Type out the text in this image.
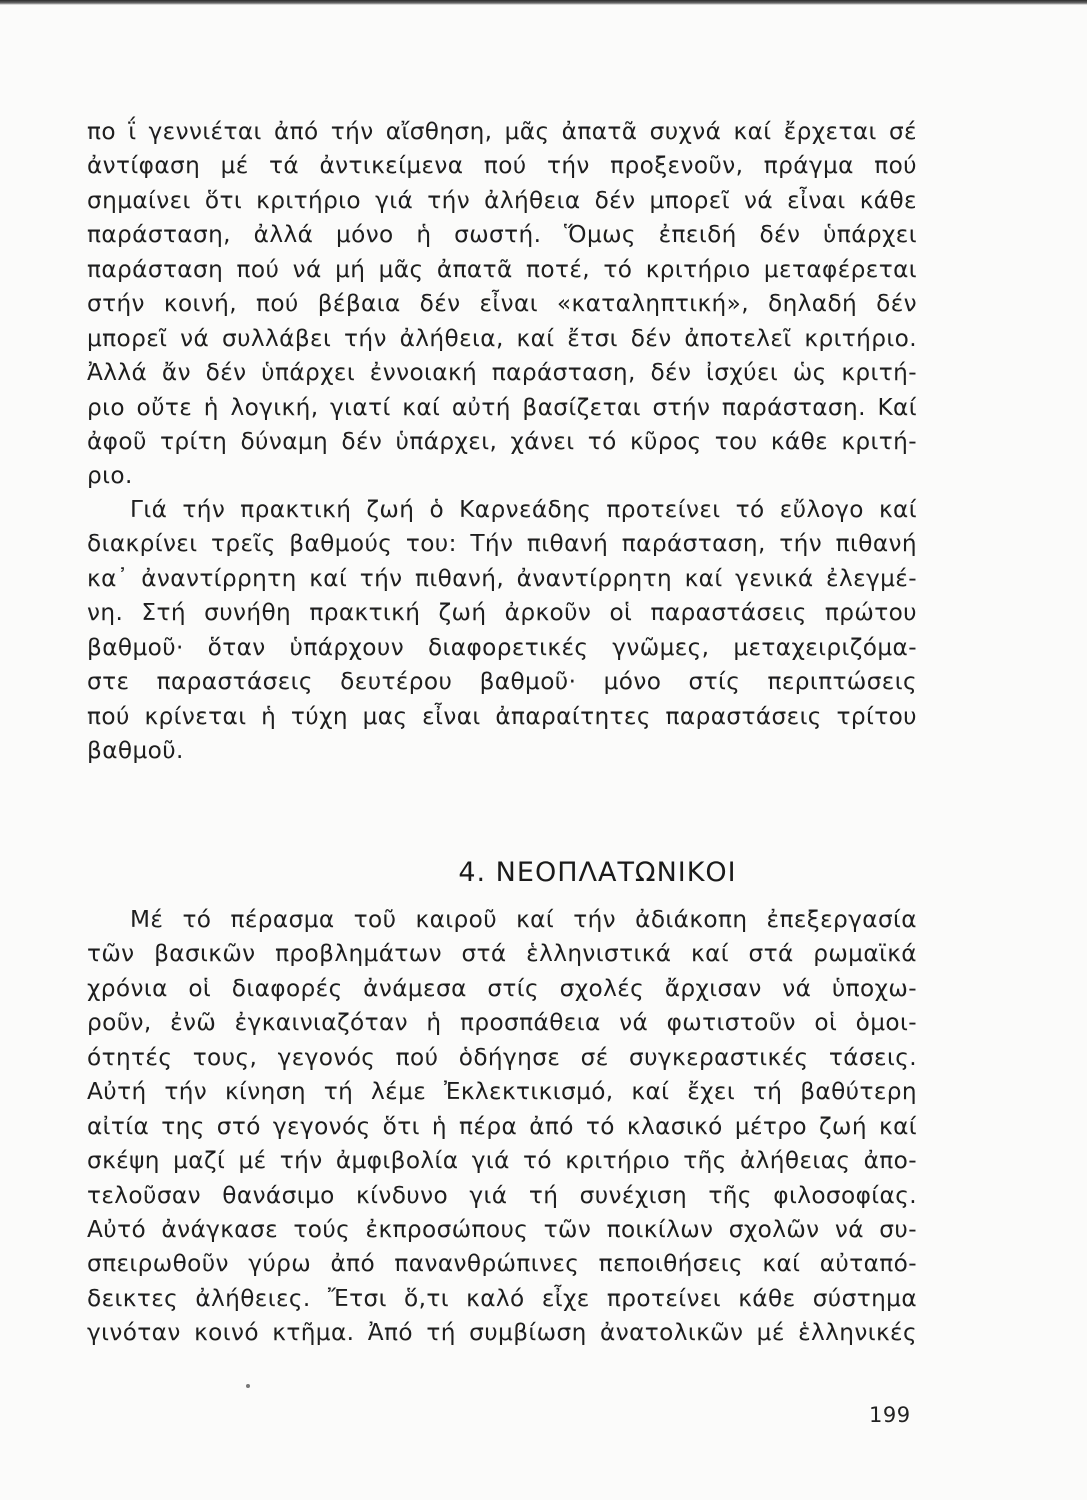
πο ΐ γεννιέται ἀπό τήν αἴσθηση, μᾶς ἀπατᾶ συχνά καί ἔρχεται σέ
ἀντίφαση μέ τά ἀντικείμενα πού τήν προξενοῦν, πράγμα πού
σημαίνει ὅτι κριτήριο γιά τήν ἀλήθεια δέν μπορεῖ νά εἶναι κάθε
παράσταση, ἀλλά μόνο ἡ σωστή. Ὅμως ἐπειδή δέν ὑπάρχει
παράσταση πού νά μή μᾶς ἀπατᾶ ποτέ, τό κριτήριο μεταφέρεται
στήν κοινή, πού βέβαια δέν εἶναι «καταληπτική», δηλαδή δέν
μπορεῖ νά συλλάβει τήν ἀλήθεια, καί ἔτσι δέν ἀποτελεῖ κριτήριο.
Ἀλλά ἄν δέν ὑπάρχει ἐννοιακή παράσταση, δέν ἰσχύει ὡς κριτή-
ριο οὔτε ἡ λογική, γιατί καί αὐτή βασίζεται στήν παράσταση. Καί
ἀφοῦ τρίτη δύναμη δέν ὑπάρχει, χάνει τό κῦρος του κάθε κριτή-
ριο.
Γιά τήν πρακτική ζωή ὁ Καρνεάδης προτείνει τό εὔλογο καί
διακρίνει τρεῖς βαθμούς του: Τήν πιθανή παράσταση, τήν πιθανή
κα᾽ ἀναντίρρητη καί τήν πιθανή, ἀναντίρρητη καί γενικά ἐλεγμέ-
νη. Στή συνήθη πρακτική ζωή ἀρκοῦν οἱ παραστάσεις πρώτου
βαθμοῦ· ὅταν ὑπάρχουν διαφορετικές γνῶμες, μεταχειριζόμα-
στε παραστάσεις δευτέρου βαθμοῦ· μόνο στίς περιπτώσεις
πού κρίνεται ἡ τύχη μας εἶναι ἀπαραίτητες παραστάσεις τρίτου
βαθμοῦ.
4. ΝΕΟΠΛΑΤΩΝΙΚΟΙ
Μέ τό πέρασμα τοῦ καιροῦ καί τήν ἀδιάκοπη ἐπεξεργασία
τῶν βασικῶν προβλημάτων στά ἑλληνιστικά καί στά ρωμαϊκά
χρόνια οἱ διαφορές ἀνάμεσα στίς σχολές ἄρχισαν νά ὑποχω-
ροῦν, ἐνῶ ἐγκαινιαζόταν ἡ προσπάθεια νά φωτιστοῦν οἱ ὁμοι-
ότητές τους, γεγονός πού ὁδήγησε σέ συγκεραστικές τάσεις.
Αὐτή τήν κίνηση τή λέμε Ἐκλεκτικισμό, καί ἔχει τή βαθύτερη
αἰτία της στό γεγονός ὅτι ἡ πέρα ἀπό τό κλασικό μέτρο ζωή καί
σκέψη μαζί μέ τήν ἀμφιβολία γιά τό κριτήριο τῆς ἀλήθειας ἀπο-
τελοῦσαν θανάσιμο κίνδυνο γιά τή συνέχιση τῆς φιλοσοφίας.
Αὐτό ἀνάγκασε τούς ἐκπροσώπους τῶν ποικίλων σχολῶν νά συ-
σπειρωθοῦν γύρω ἀπό πανανθρώπινες πεποιθήσεις καί αὐταπό-
δεικτες ἀλήθειες. Ἔτσι ὅ,τι καλό εἶχε προτείνει κάθε σύστημα
γινόταν κοινό κτῆμα. Ἀπό τή συμβίωση ἀνατολικῶν μέ ἑλληνικές
199
